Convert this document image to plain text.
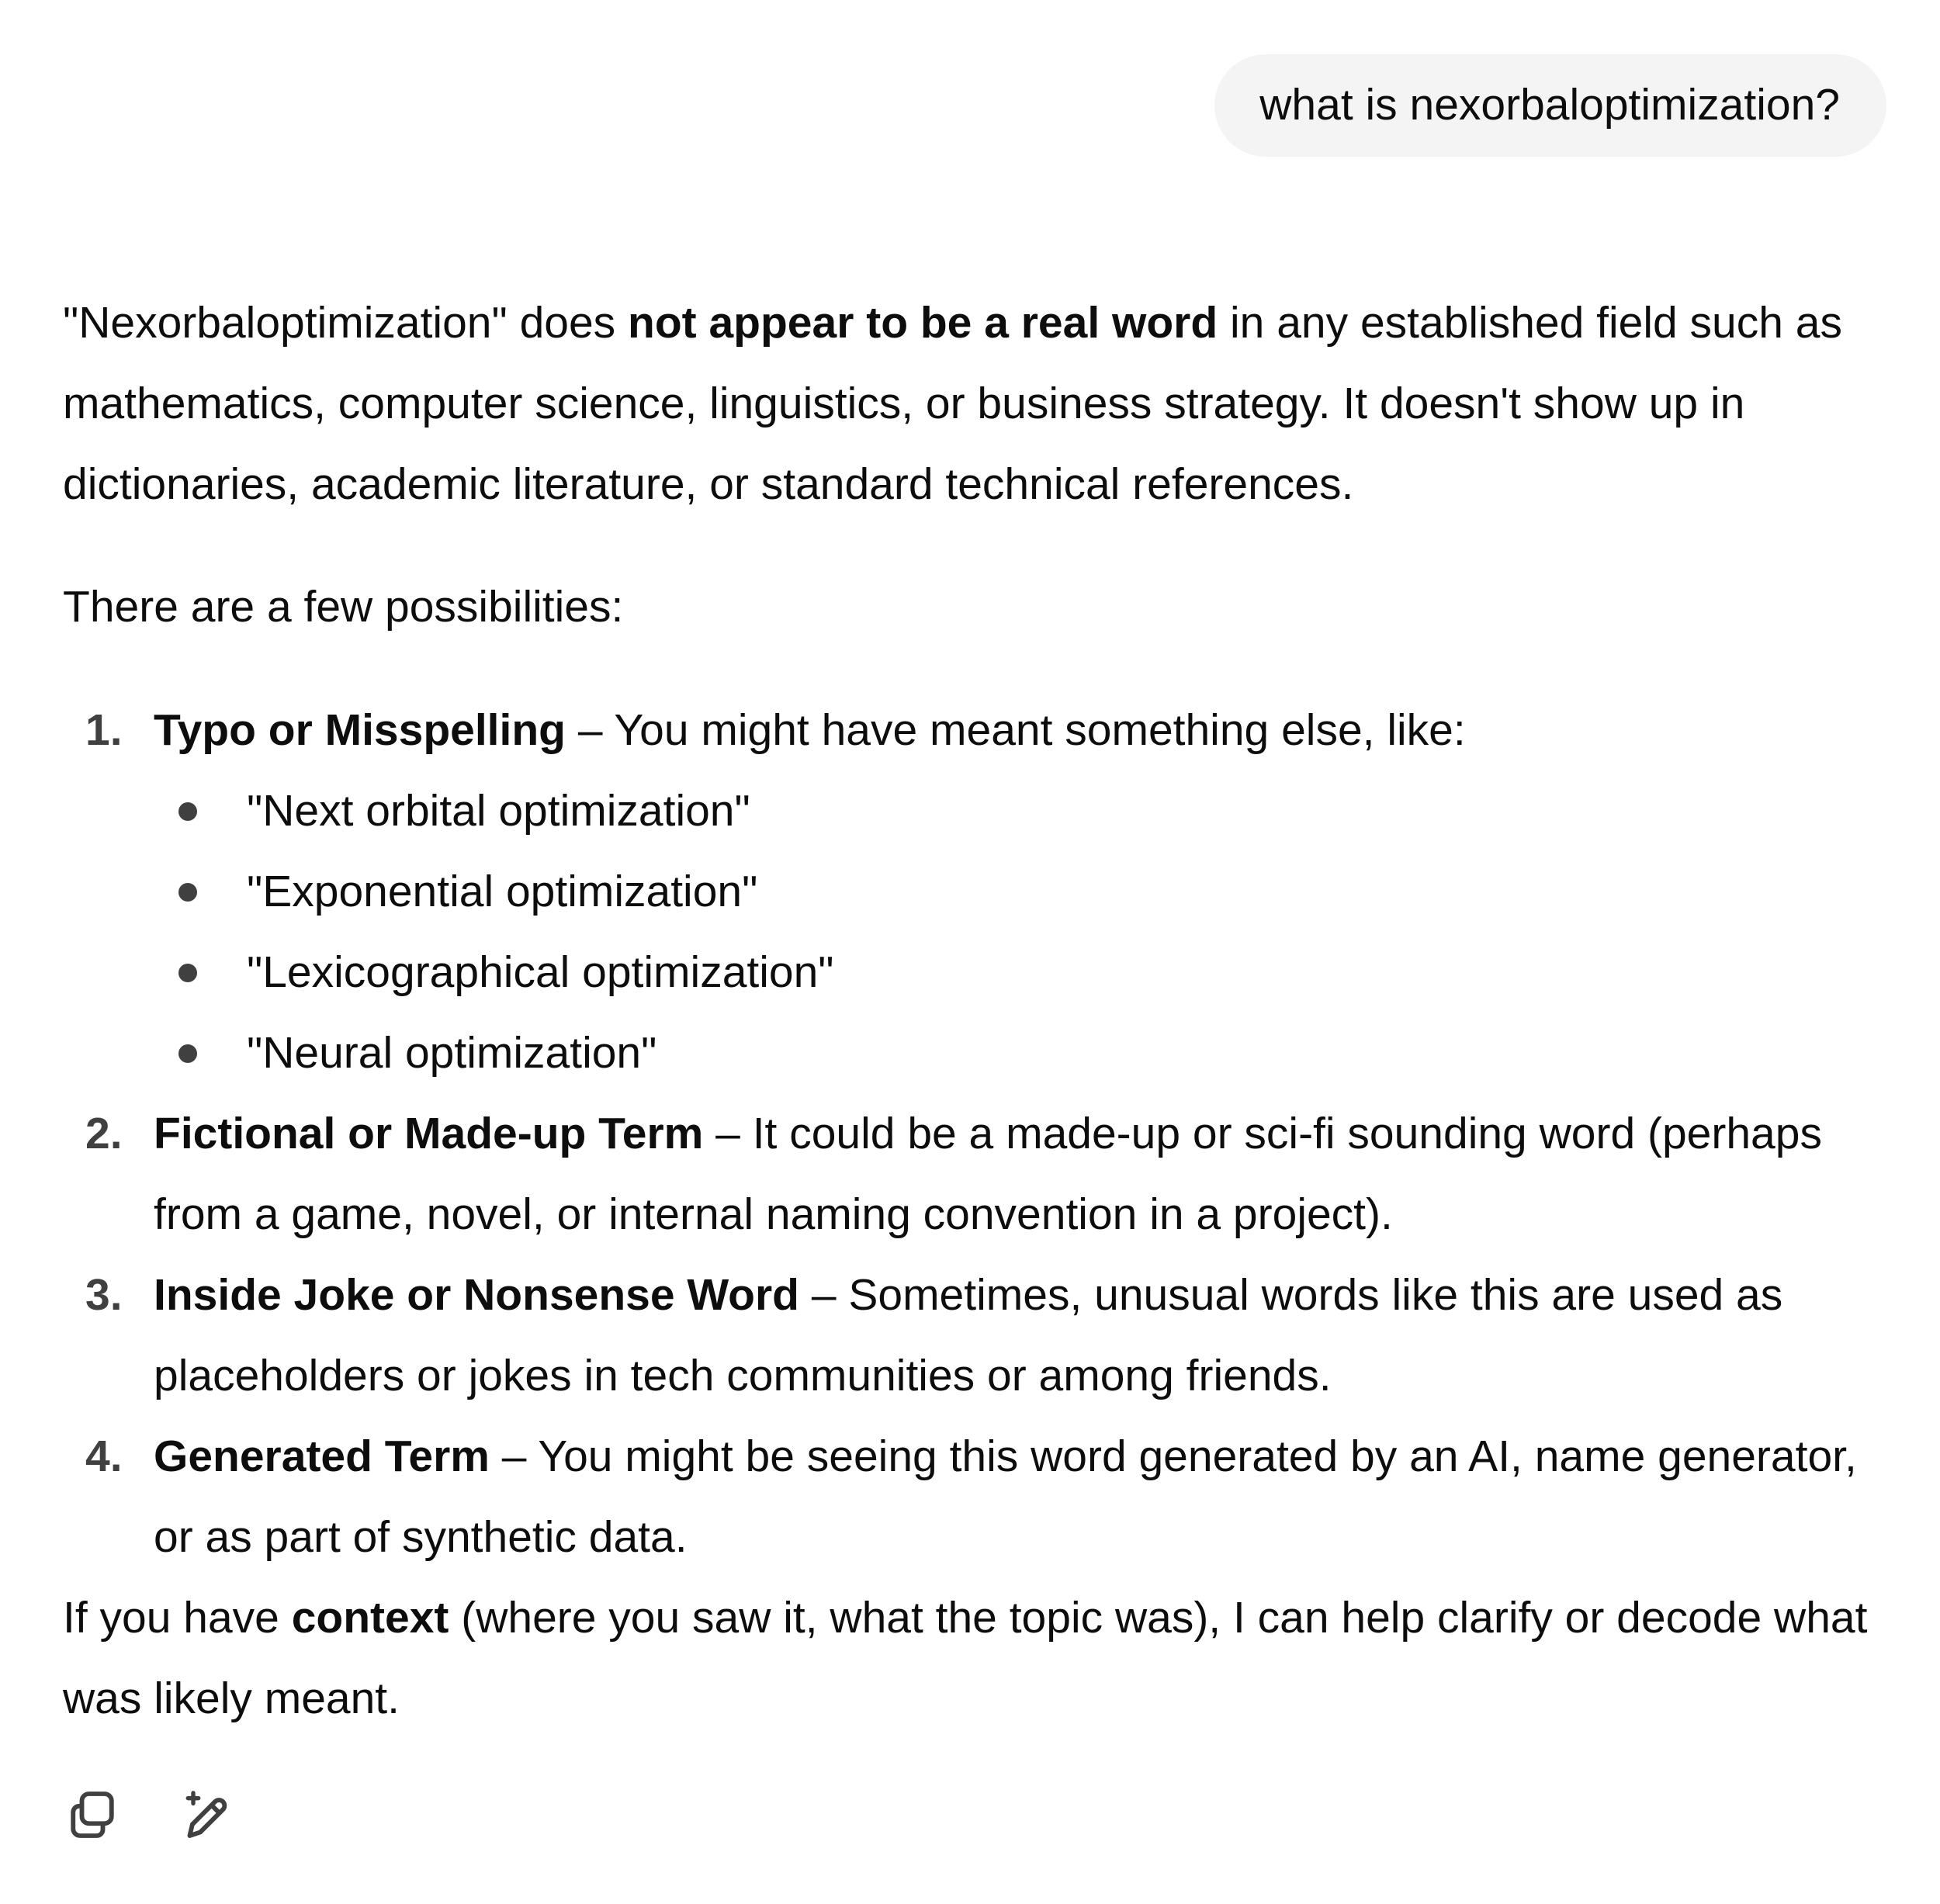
what is nexorbaloptimization?

"Nexorbaloptimization" does not appear to be a real word in any established field such as mathematics, computer science, linguistics, or business strategy. It doesn't show up in dictionaries, academic literature, or standard technical references.

There are a few possibilities:

1. Typo or Misspelling – You might have meant something else, like:
"Next orbital optimization"
"Exponential optimization"
"Lexicographical optimization"
"Neural optimization"
2. Fictional or Made-up Term – It could be a made-up or sci-fi sounding word (perhaps from a game, novel, or internal naming convention in a project).
3. Inside Joke or Nonsense Word – Sometimes, unusual words like this are used as placeholders or jokes in tech communities or among friends.
4. Generated Term – You might be seeing this word generated by an AI, name generator, or as part of synthetic data.

If you have context (where you saw it, what the topic was), I can help clarify or decode what was likely meant.
